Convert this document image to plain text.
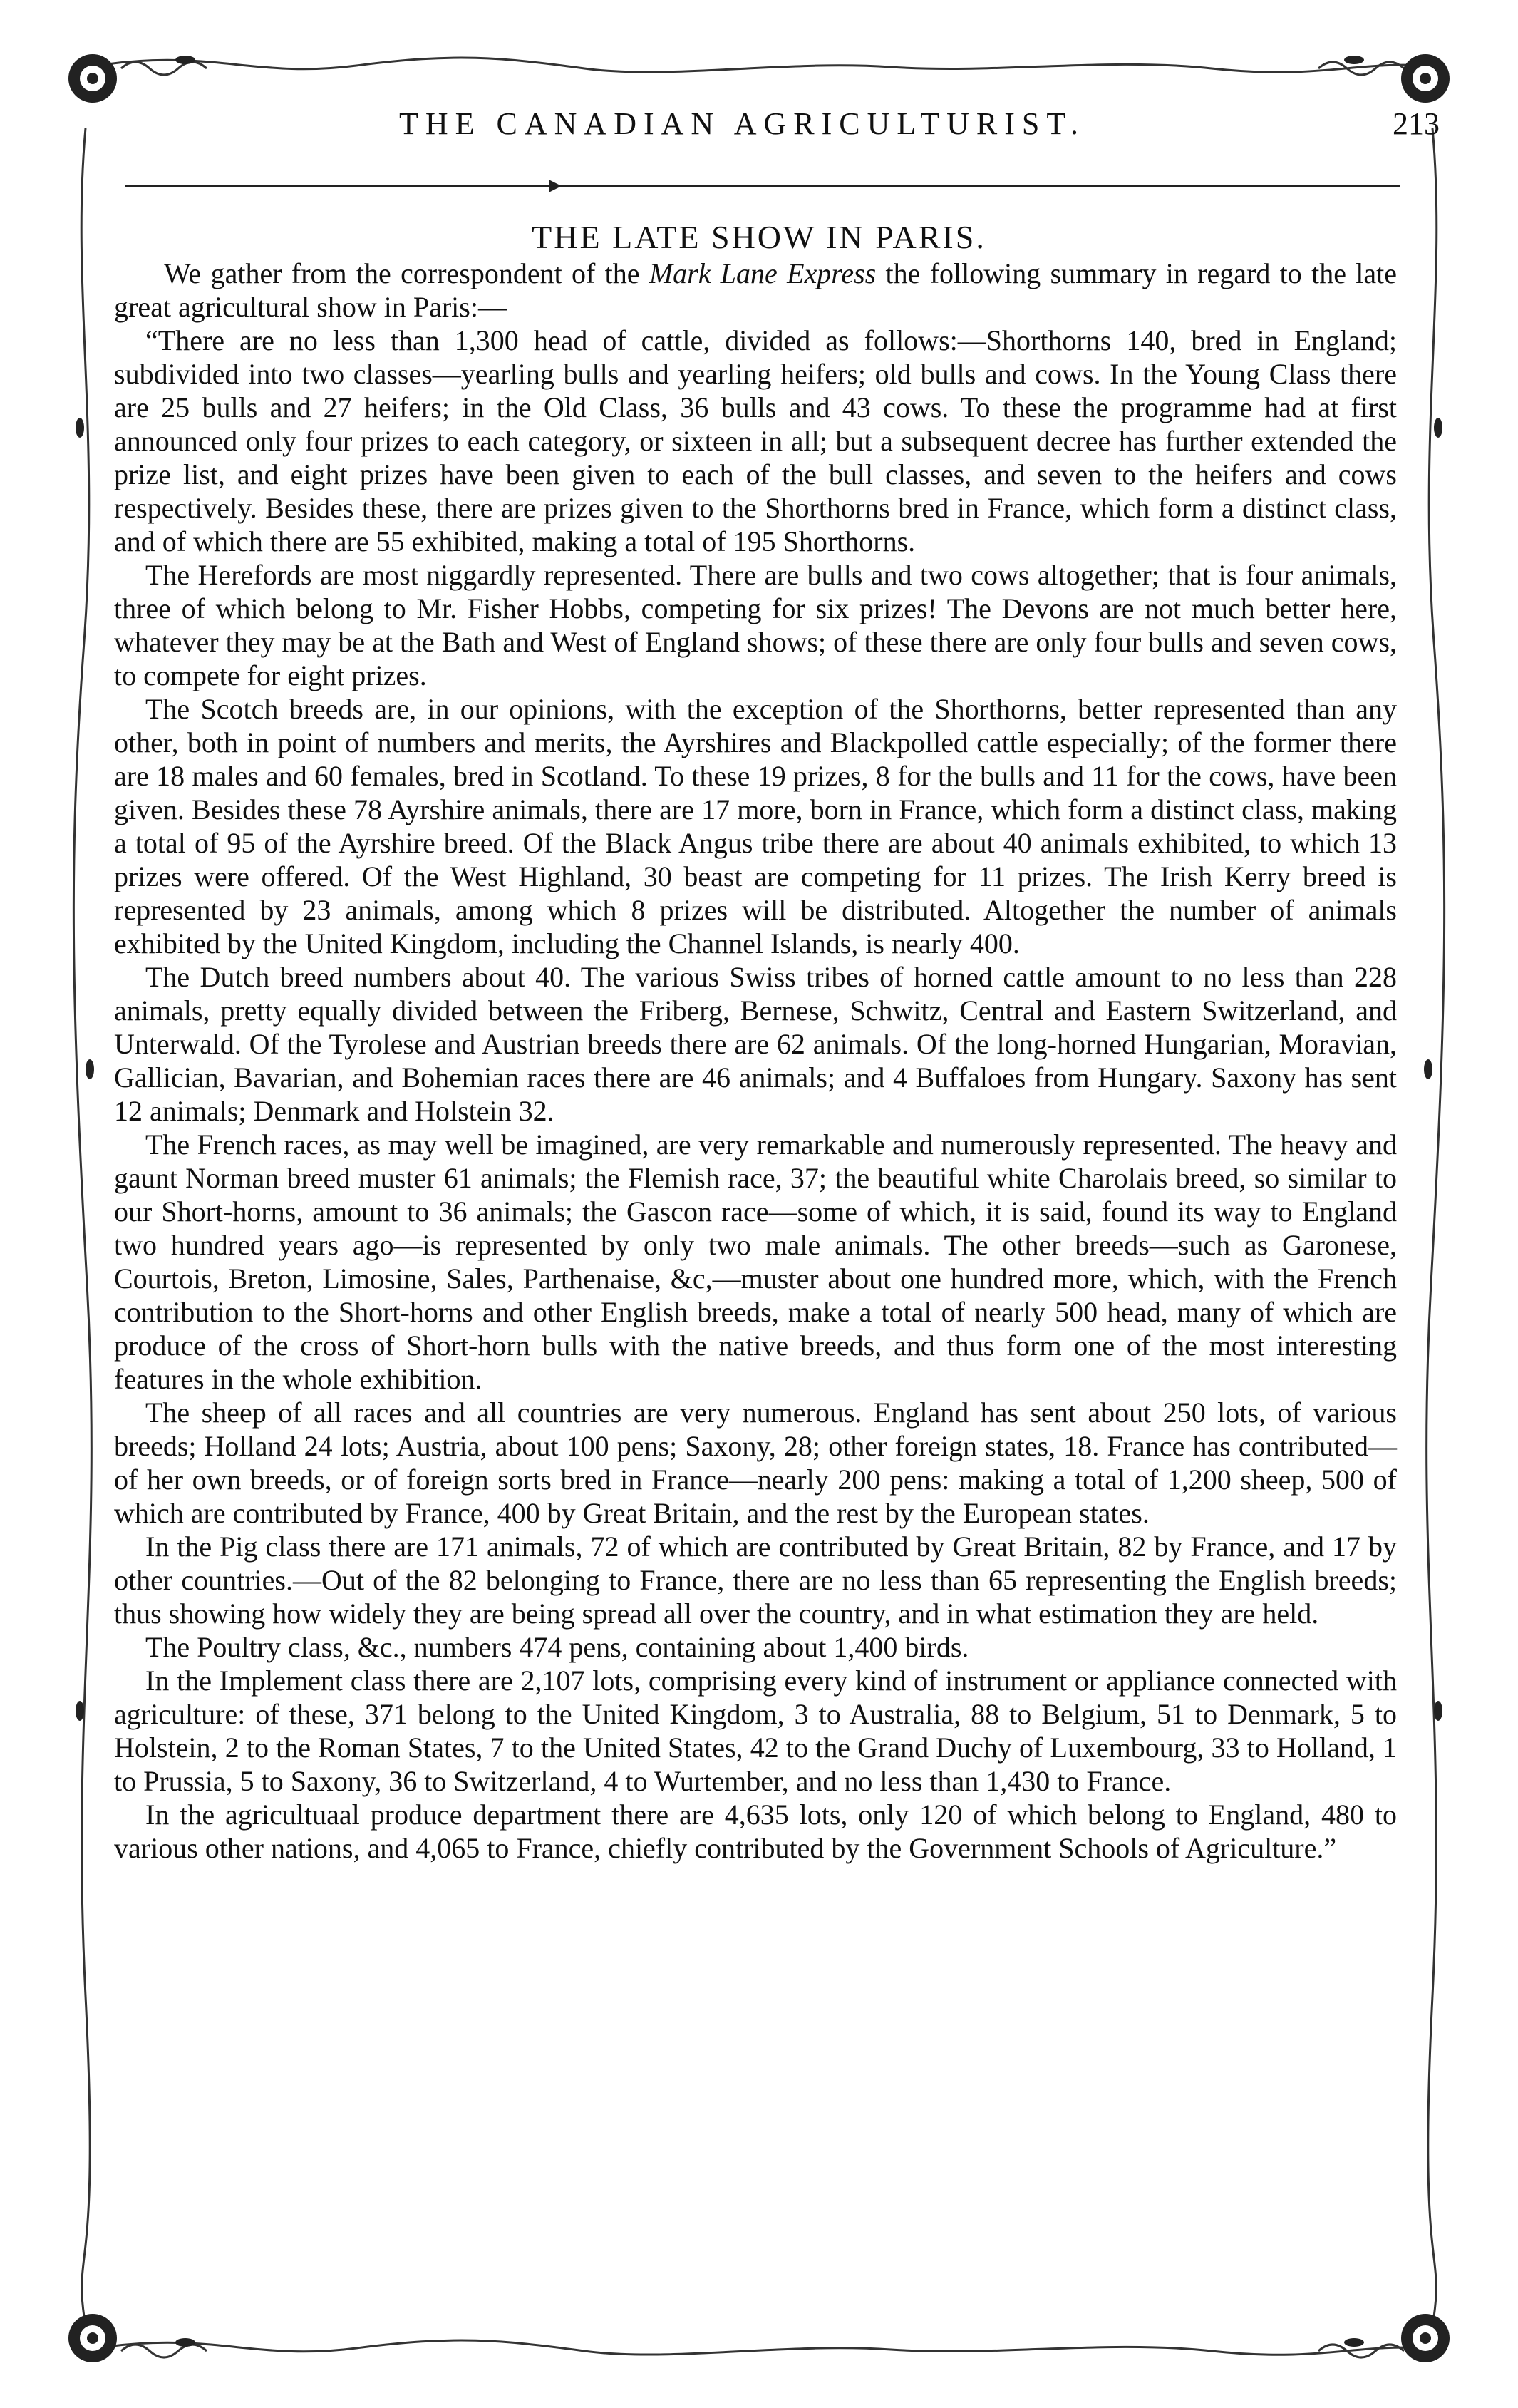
THE CANADIAN AGRICULTURIST.	213
THE LATE SHOW IN PARIS.

We gather from the correspondent of the Mark Lane Express the following summary in regard to the late great agricultural show in Paris:—

“There are no less than 1,300 head of cattle, divided as follows:—Shorthorns 140, bred in England; subdivided into two classes—yearling bulls and yearling heifers; old bulls and cows. In the Young Class there are 25 bulls and 27 heifers; in the Old Class, 36 bulls and 43 cows. To these the programme had at first announced only four prizes to each category, or sixteen in all; but a subsequent decree has further extended the prize list, and eight prizes have been given to each of the bull classes, and seven to the heifers and cows respectively. Besides these, there are prizes given to the Shorthorns bred in France, which form a distinct class, and of which there are 55 exhibited, making a total of 195 Shorthorns.

The Herefords are most niggardly represented. There are bulls and two cows altogether; that is four animals, three of which belong to Mr. Fisher Hobbs, competing for six prizes! The Devons are not much better here, whatever they may be at the Bath and West of England shows; of these there are only four bulls and seven cows, to compete for eight prizes.

The Scotch breeds are, in our opinions, with the exception of the Shorthorns, better represented than any other, both in point of numbers and merits, the Ayrshires and Blackpolled cattle especially; of the former there are 18 males and 60 females, bred in Scotland. To these 19 prizes, 8 for the bulls and 11 for the cows, have been given. Besides these 78 Ayrshire animals, there are 17 more, born in France, which form a distinct class, making a total of 95 of the Ayrshire breed. Of the Black Angus tribe there are about 40 animals exhibited, to which 13 prizes were offered. Of the West Highland, 30 beast are competing for 11 prizes. The Irish Kerry breed is represented by 23 animals, among which 8 prizes will be distributed. Altogether the number of animals exhibited by the United Kingdom, including the Channel Islands, is nearly 400.

The Dutch breed numbers about 40. The various Swiss tribes of horned cattle amount to no less than 228 animals, pretty equally divided between the Friberg, Bernese, Schwitz, Central and Eastern Switzerland, and Unterwald. Of the Tyrolese and Austrian breeds there are 62 animals. Of the long-horned Hungarian, Moravian, Gallician, Bavarian, and Bohemian races there are 46 animals; and 4 Buffaloes from Hungary. Saxony has sent 12 animals; Denmark and Holstein 32.

The French races, as may well be imagined, are very remarkable and numerously represented. The heavy and gaunt Norman breed muster 61 animals; the Flemish race, 37; the beautiful white Charolais breed, so similar to our Short-horns, amount to 36 animals; the Gascon race—some of which, it is said, found its way to England two hundred years ago—is represented by only two male animals. The other breeds—such as Garonese, Courtois, Breton, Limosine, Sales, Parthenaise, &c,—muster about one hundred more, which, with the French contribution to the Short-horns and other English breeds, make a total of nearly 500 head, many of which are produce of the cross of Short-horn bulls with the native breeds, and thus form one of the most interesting features in the whole exhibition.

The sheep of all races and all countries are very numerous. England has sent about 250 lots, of various breeds; Holland 24 lots; Austria, about 100 pens; Saxony, 28; other foreign states, 18. France has contributed—of her own breeds, or of foreign sorts bred in France—nearly 200 pens: making a total of 1,200 sheep, 500 of which are contributed by France, 400 by Great Britain, and the rest by the European states.

In the Pig class there are 171 animals, 72 of which are contributed by Great Britain, 82 by France, and 17 by other countries.—Out of the 82 belonging to France, there are no less than 65 representing the English breeds; thus showing how widely they are being spread all over the country, and in what estimation they are held.

The Poultry class, &c., numbers 474 pens, containing about 1,400 birds.

In the Implement class there are 2,107 lots, comprising every kind of instrument or appliance connected with agriculture: of these, 371 belong to the United Kingdom, 3 to Australia, 88 to Belgium, 51 to Denmark, 5 to Holstein, 2 to the Roman States, 7 to the United States, 42 to the Grand Duchy of Luxembourg, 33 to Holland, 1 to Prussia, 5 to Saxony, 36 to Switzerland, 4 to Wurtember, and no less than 1,430 to France.

In the agricultuaal produce department there are 4,635 lots, only 120 of which belong to England, 480 to various other nations, and 4,065 to France, chiefly contributed by the Government Schools of Agriculture.”
